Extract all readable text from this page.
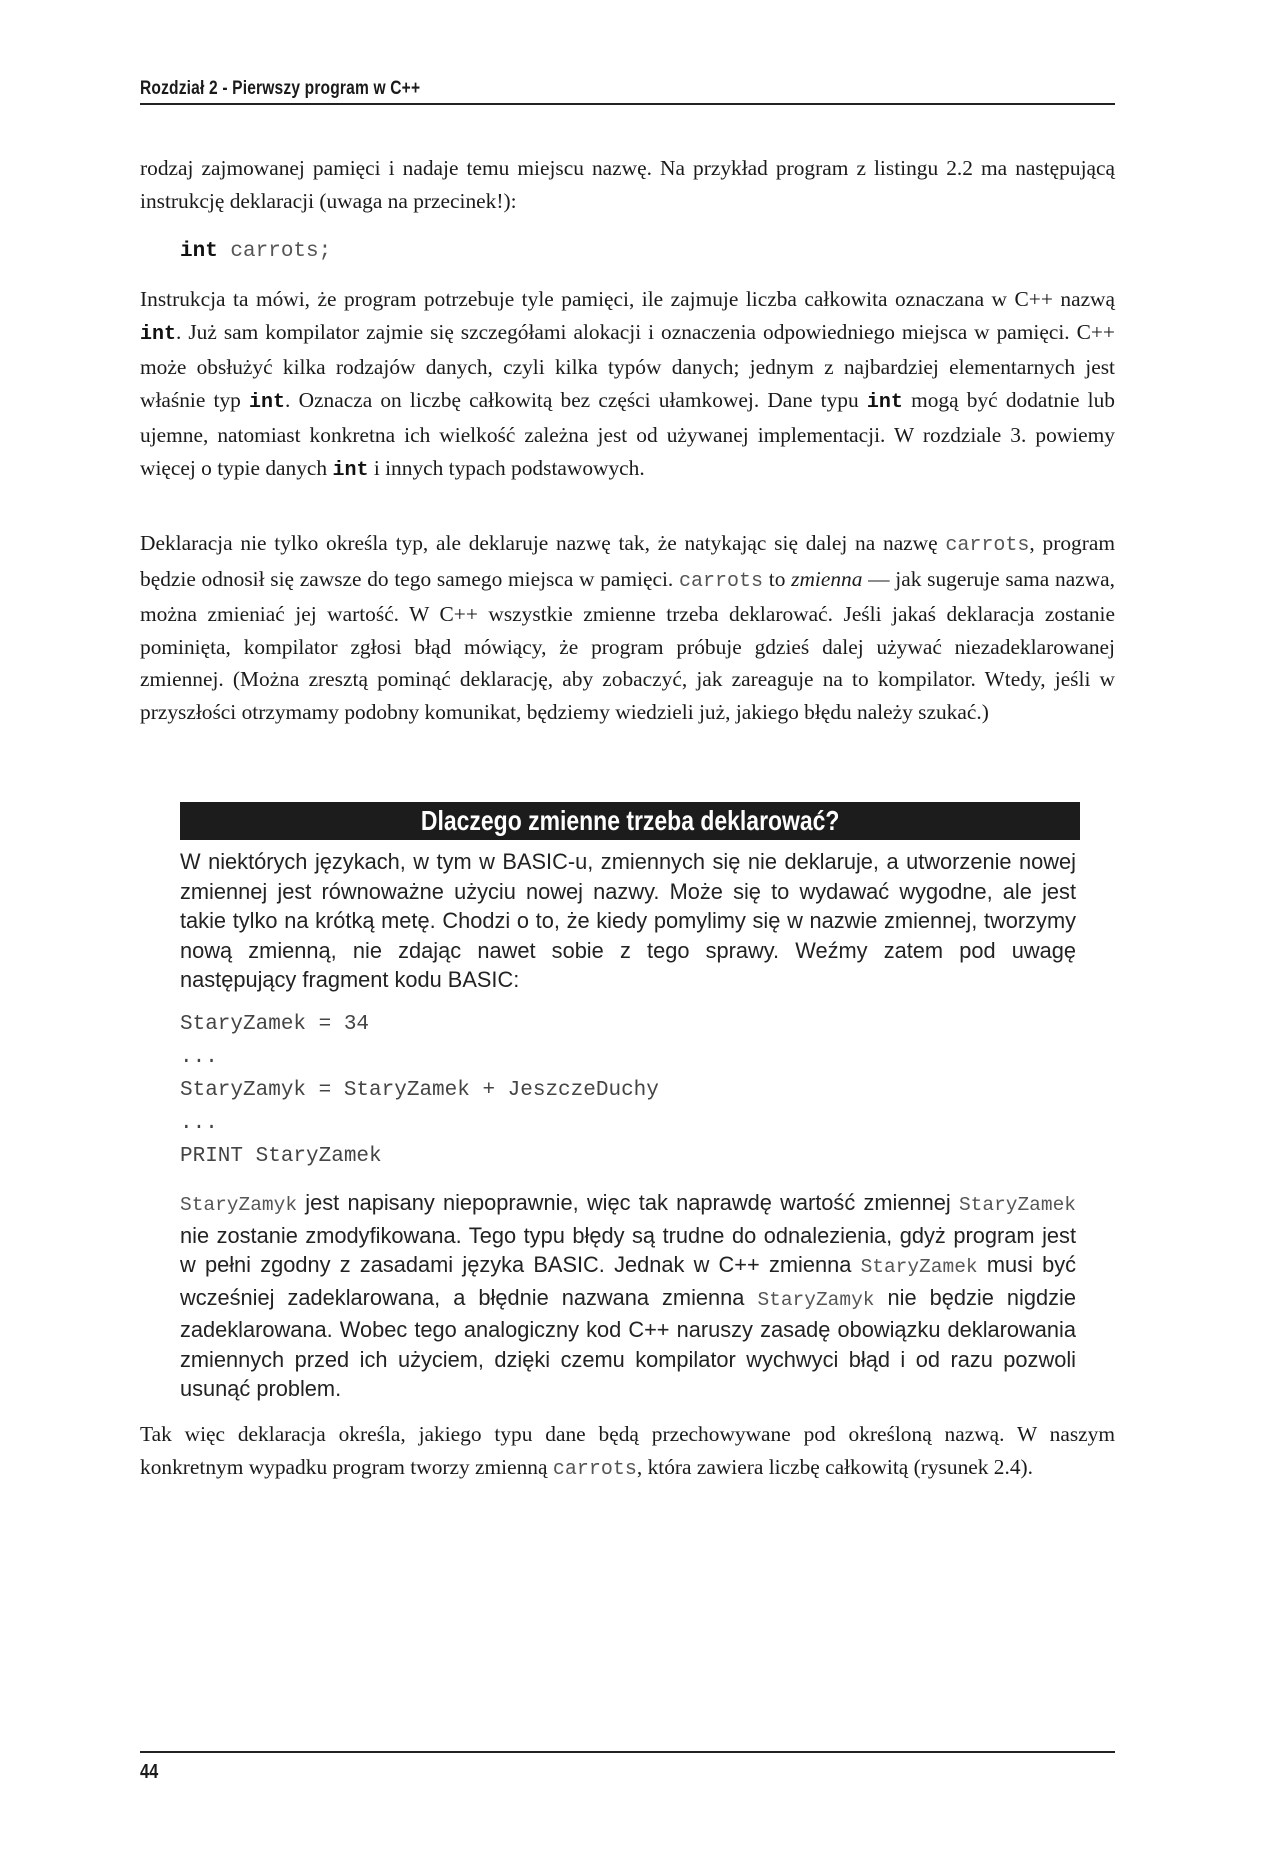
Rozdział 2 - Pierwszy program w C++

rodzaj zajmowanej pamięci i nadaje temu miejscu nazwę. Na przykład program z listingu 2.2 ma następującą instrukcję deklaracji (uwaga na przecinek!):

int carrots;

Instrukcja ta mówi, że program potrzebuje tyle pamięci, ile zajmuje liczba całkowita oznaczana w C++ nazwą int. Już sam kompilator zajmie się szczegółami alokacji i oznaczenia odpowiedniego miejsca w pamięci. C++ może obsłużyć kilka rodzajów danych, czyli kilka typów danych; jednym z najbardziej elementarnych jest właśnie typ int. Oznacza on liczbę całkowitą bez części ułamkowej. Dane typu int mogą być dodatnie lub ujemne, natomiast konkretna ich wielkość zależna jest od używanej implementacji. W rozdziale 3. powiemy więcej o typie danych int i innych typach podstawowych.

Deklaracja nie tylko określa typ, ale deklaruje nazwę tak, że natykając się dalej na nazwę carrots, program będzie odnosił się zawsze do tego samego miejsca w pamięci. carrots to zmienna — jak sugeruje sama nazwa, można zmieniać jej wartość. W C++ wszystkie zmienne trzeba deklarować. Jeśli jakaś deklaracja zostanie pominięta, kompilator zgłosi błąd mówiący, że program próbuje gdzieś dalej używać niezadeklarowanej zmiennej. (Można zresztą pominąć deklarację, aby zobaczyć, jak zareaguje na to kompilator. Wtedy, jeśli w przyszłości otrzymamy podobny komunikat, będziemy wiedzieli już, jakiego błędu należy szukać.)

Dlaczego zmienne trzeba deklarować?

W niektórych językach, w tym w BASIC-u, zmiennych się nie deklaruje, a utworzenie nowej zmiennej jest równoważne użyciu nowej nazwy. Może się to wydawać wygodne, ale jest takie tylko na krótką metę. Chodzi o to, że kiedy pomylimy się w nazwie zmiennej, tworzymy nową zmienną, nie zdając nawet sobie z tego sprawy. Weźmy zatem pod uwagę następujący fragment kodu BASIC:

StaryZamek = 34
...
StaryZamyk = StaryZamek + JeszczeDuchy
...
PRINT StaryZamek

StaryZamyk jest napisany niepoprawnie, więc tak naprawdę wartość zmiennej StaryZamek nie zostanie zmodyfikowana. Tego typu błędy są trudne do odnalezienia, gdyż program jest w pełni zgodny z zasadami języka BASIC. Jednak w C++ zmienna StaryZamek musi być wcześniej zadeklarowana, a błędnie nazwana zmienna StaryZamyk nie będzie nigdzie zadeklarowana. Wobec tego analogiczny kod C++ naruszy zasadę obowiązku deklarowania zmiennych przed ich użyciem, dzięki czemu kompilator wychwyci błąd i od razu pozwoli usunąć problem.

Tak więc deklaracja określa, jakiego typu dane będą przechowywane pod określoną nazwą. W naszym konkretnym wypadku program tworzy zmienną carrots, która zawiera liczbę całkowitą (rysunek 2.4).

44
